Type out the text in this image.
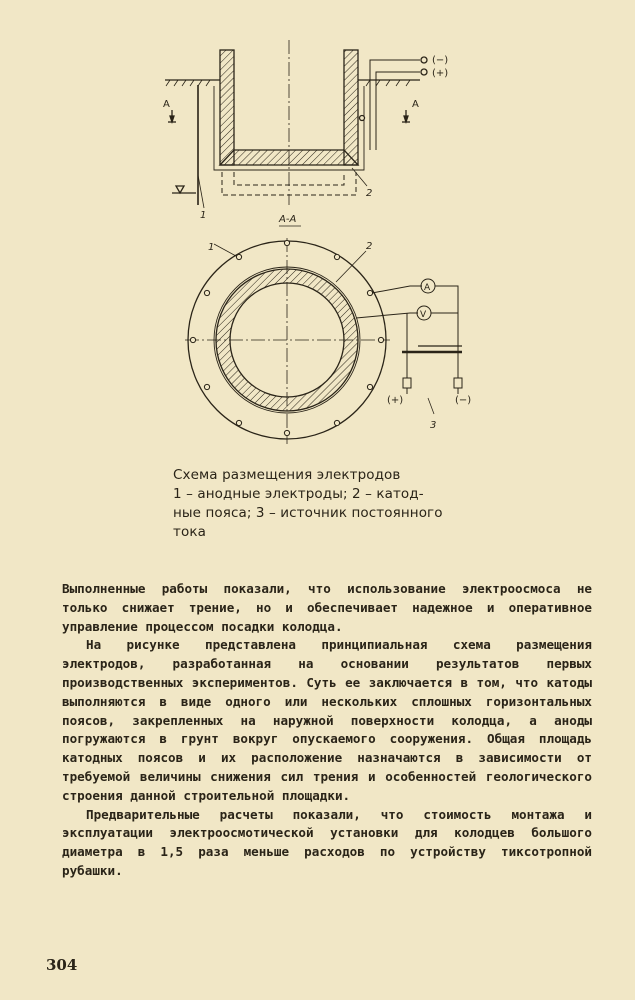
(−)
(+)
A	A
1
2
A-A
A
V
(+)	(−)
3
1	2
Схема размещения электродов
1 – анодные электроды; 2 – катод-
ные пояса; 3 – источник постоянного
тока

Выполненные работы показали, что использование электроосмоса не только снижает трение, но и обеспечивает надежное и оперативное управление процессом посадки колодца.

На рисунке представлена принципиальная схема размещения электродов, разработанная на основании результатов первых производственных экспериментов. Суть ее заключается в том, что катоды выполняются в виде одного или нескольких сплошных горизонтальных поясов, закрепленных на наружной поверхности колодца, а аноды погружаются в грунт вокруг опускаемого сооружения. Общая площадь катодных поясов и их расположение назначаются в зависимости от требуемой величины снижения сил трения и особенностей геологического строения данной строительной площадки.

Предварительные расчеты показали, что стоимость монтажа и эксплуатации электроосмотической установки для колодцев большого диаметра в 1,5 раза меньше расходов по устройству тиксотропной рубашки.

304
